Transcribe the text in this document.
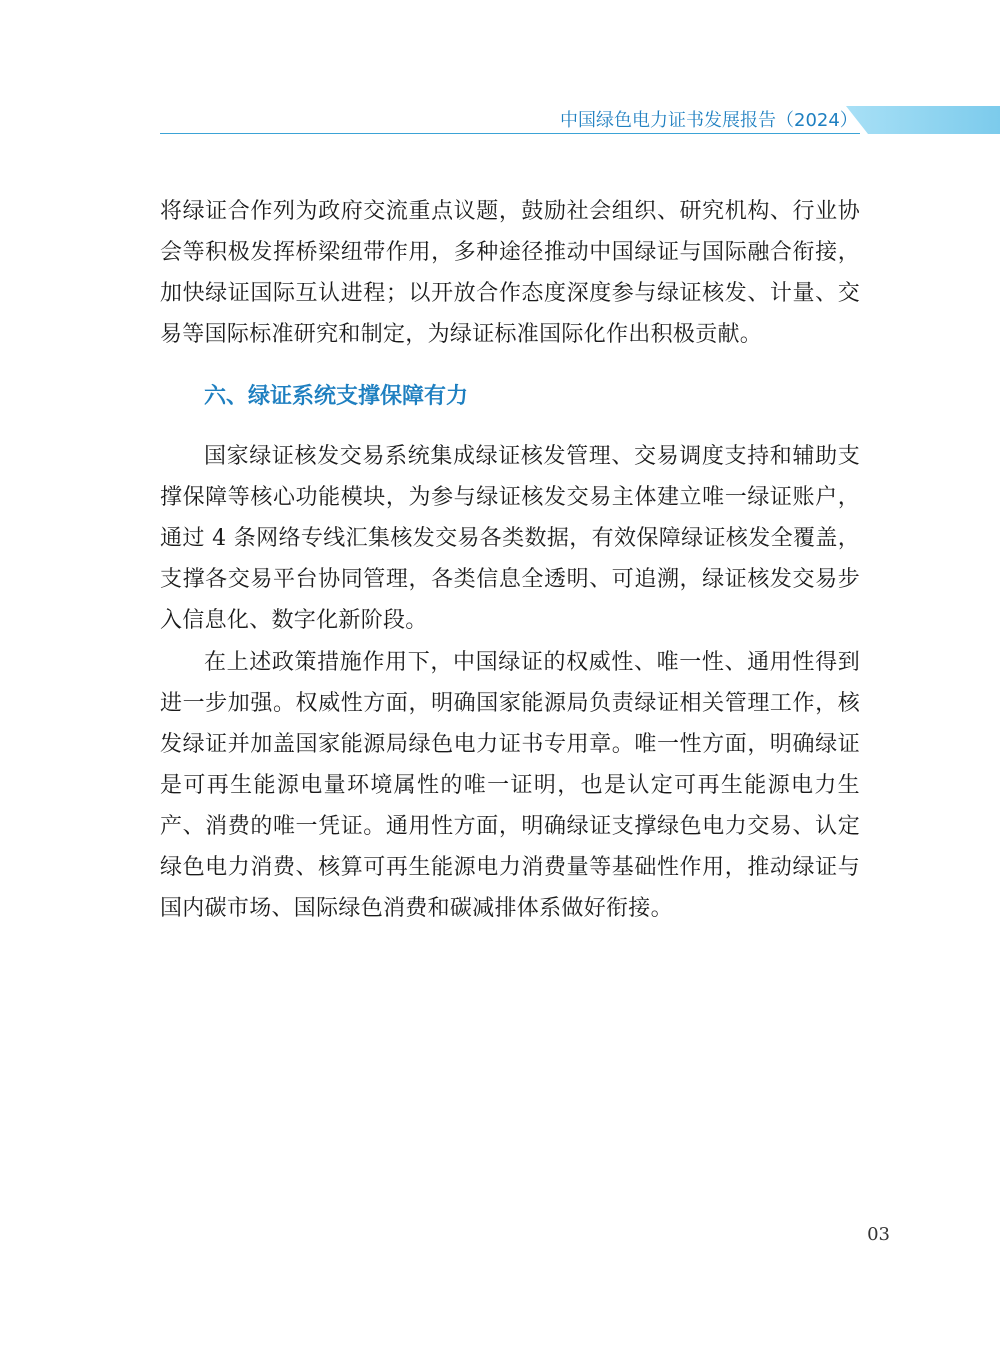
中国绿色电力证书发展报告（2024）

将绿证合作列为政府交流重点议题，鼓励社会组织、研究机构、行业协会等积极发挥桥梁纽带作用，多种途径推动中国绿证与国际融合衔接，加快绿证国际互认进程；以开放合作态度深度参与绿证核发、计量、交易等国际标准研究和制定，为绿证标准国际化作出积极贡献。

六、绿证系统支撑保障有力

国家绿证核发交易系统集成绿证核发管理、交易调度支持和辅助支撑保障等核心功能模块，为参与绿证核发交易主体建立唯一绿证账户，通过 4 条网络专线汇集核发交易各类数据，有效保障绿证核发全覆盖，支撑各交易平台协同管理，各类信息全透明、可追溯，绿证核发交易步入信息化、数字化新阶段。

在上述政策措施作用下，中国绿证的权威性、唯一性、通用性得到进一步加强。权威性方面，明确国家能源局负责绿证相关管理工作，核发绿证并加盖国家能源局绿色电力证书专用章。唯一性方面，明确绿证是可再生能源电量环境属性的唯一证明，也是认定可再生能源电力生产、消费的唯一凭证。通用性方面，明确绿证支撑绿色电力交易、认定绿色电力消费、核算可再生能源电力消费量等基础性作用，推动绿证与国内碳市场、国际绿色消费和碳减排体系做好衔接。

03
